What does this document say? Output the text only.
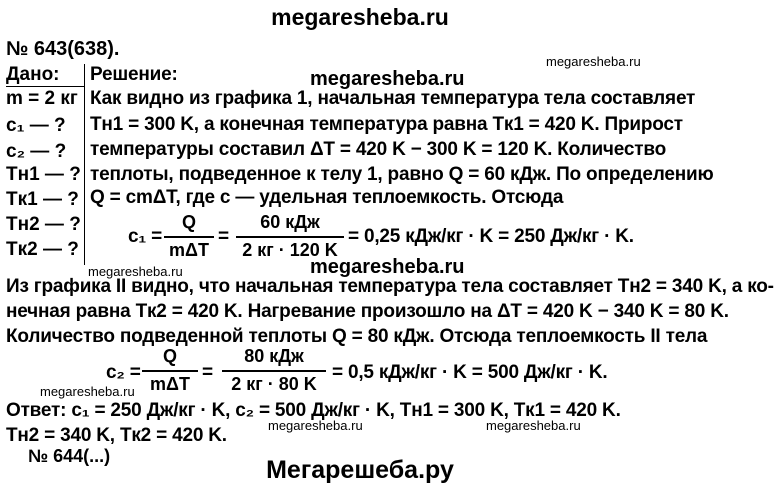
megaresheba.ru
№ 643(638).
Дано:
m = 2 кг
c₁ — ?
c₂ — ?
Tн1 — ?
Tк1 — ?
Tн2 — ?
Tк2 — ?
Решение:	megaresheba.ru
megaresheba.ru
Как видно из графика 1, начальная температура тела составляет
Tн1 = 300 K, а конечная температура равна Tк1 = 420 K. Прирост
температуры составил ΔT = 420 K − 300 K = 120 K. Количество
теплоты, подведенное к телу 1, равно Q = 60 кДж. По определению
Q = cmΔT, где c — удельная теплоемкость. Отсюда
c₁ =
Q
mΔT
=
60 кДж
2 кг · 120 K
= 0,25 кДж/кг · K = 250 Дж/кг · K.
megaresheba.ru	megaresheba.ru
Из графика II видно, что начальная температура тела составляет Tн2 = 340 K, а ко-
нечная равна Tк2 = 420 K. Нагревание произошло на ΔT = 420 K − 340 K = 80 K.
Количество подведенной теплоты Q = 80 кДж. Отсюда теплоемкость II тела
c₂ =
Q
mΔT
=
80 кДж
2 кг · 80 K
= 0,5 кДж/кг · K = 500 Дж/кг · K.
megaresheba.ru
megaresheba.ru	megaresheba.ru
Ответ: c₁ = 250 Дж/кг · K, c₂ = 500 Дж/кг · K, Tн1 = 300 K, Tк1 = 420 K.
Tн2 = 340 K, Tк2 = 420 K.
№ 644(...)	Мегарешеба.ру
